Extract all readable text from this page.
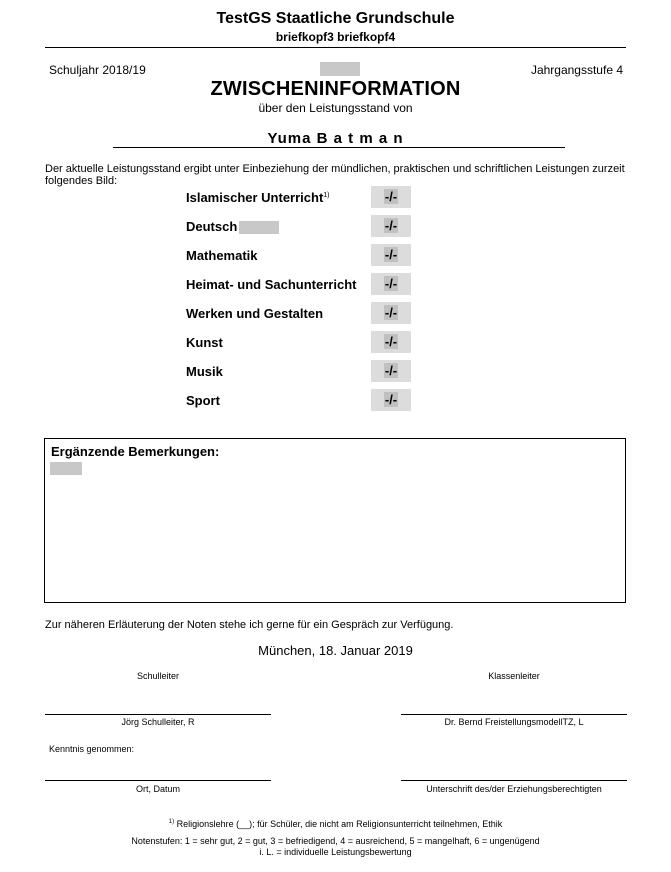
TestGS Staatliche Grundschule
briefkopf3 briefkopf4
Schuljahr 2018/19	Jahrgangsstufe 4
ZWISCHENINFORMATION
über den Leistungsstand von
Yuma B a t m a n
Der aktuelle Leistungsstand ergibt unter Einbeziehung der mündlichen, praktischen und schriftlichen Leistungen zurzeit folgendes Bild:
Islamischer Unterricht$^{1)}$	-/-
Deutsch	-/-
Mathematik	-/-
Heimat- und Sachunterricht	-/-
Werken und Gestalten	-/-
Kunst	-/-
Musik	-/-
Sport	-/-
Ergänzende Bemerkungen:
Zur näheren Erläuterung der Noten stehe ich gerne für ein Gespräch zur Verfügung.
München, 18. Januar 2019
Schulleiter	Klassenleiter
Jörg Schulleiter, R	Dr. Bernd FreistellungsmodellTZ, L
Kenntnis genommen:
Ort, Datum	Unterschrift des/der Erziehungsberechtigten
$^{1)}$ Religionslehre (__); für Schüler, die nicht am Religionsunterricht teilnehmen, Ethik
Notenstufen: 1 = sehr gut, 2 = gut, 3 = befriedigend, 4 = ausreichend, 5 = mangelhaft, 6 = ungenügend
i. L. = individuelle Leistungsbewertung
